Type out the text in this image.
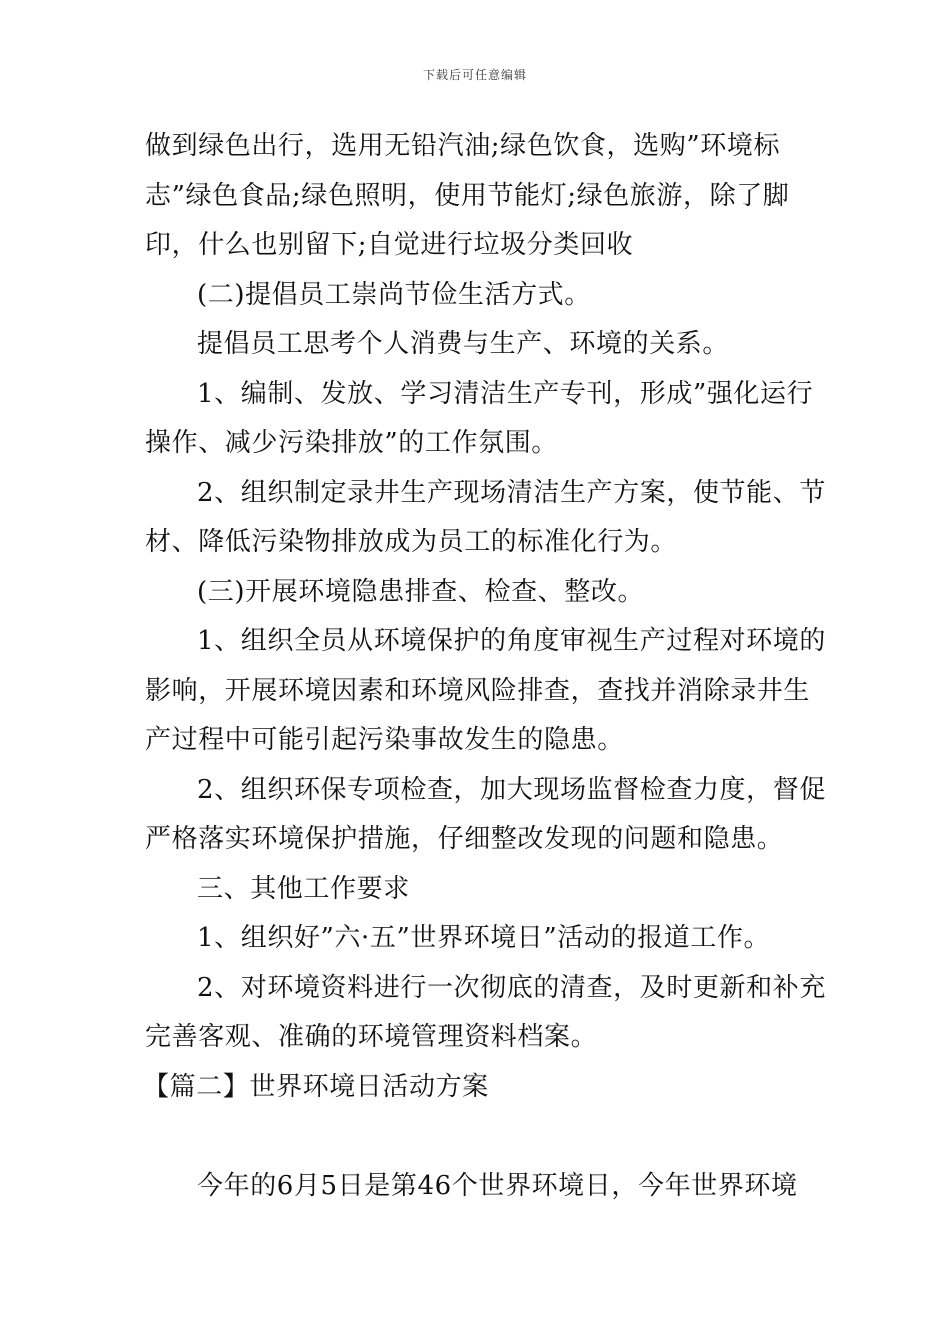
下载后可任意编辑
做到绿色出行，选用无铅汽油;绿色饮食，选购”环境标
志”绿色食品;绿色照明，使用节能灯;绿色旅游，除了脚
印，什么也别留下;自觉进行垃圾分类回收
(二)提倡员工崇尚节俭生活方式。
提倡员工思考个人消费与生产、环境的关系。
1、编制、发放、学习清洁生产专刊，形成”强化运行
操作、减少污染排放”的工作氛围。
2、组织制定录井生产现场清洁生产方案，使节能、节
材、降低污染物排放成为员工的标准化行为。
(三)开展环境隐患排查、检查、整改。
1、组织全员从环境保护的角度审视生产过程对环境的
影响，开展环境因素和环境风险排查，查找并消除录井生
产过程中可能引起污染事故发生的隐患。
2、组织环保专项检查，加大现场监督检查力度，督促
严格落实环境保护措施，仔细整改发现的问题和隐患。
三、其他工作要求
1、组织好”六·五”世界环境日”活动的报道工作。
2、对环境资料进行一次彻底的清查，及时更新和补充
完善客观、准确的环境管理资料档案。
【篇二】世界环境日活动方案
今年的6月5日是第46个世界环境日，今年世界环境
